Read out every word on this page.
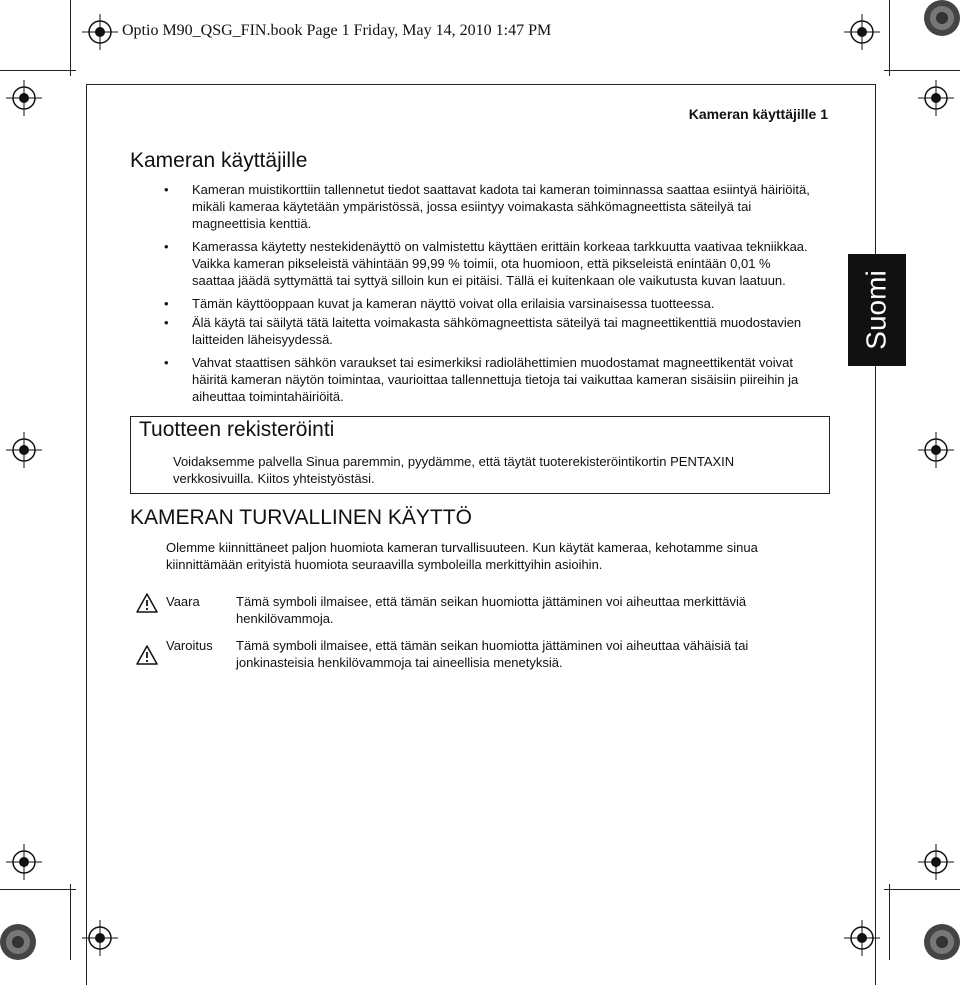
Optio M90_QSG_FIN.book Page 1 Friday, May 14, 2010 1:47 PM
Kameran käyttäjille 1
Suomi
Kameran käyttäjille
• Kameran muistikorttiin tallennetut tiedot saattavat kadota tai kameran toiminnassa saattaa esiintyä häiriöitä, mikäli kameraa käytetään ympäristössä, jossa esiintyy voimakasta sähkömagneettista säteilyä tai magneettisia kenttiä.
• Kamerassa käytetty nestekidenäyttö on valmistettu käyttäen erittäin korkeaa tarkkuutta vaativaa tekniikkaa. Vaikka kameran pikseleistä vähintään 99,99 % toimii, ota huomioon, että pikseleistä enintään 0,01 % saattaa jäädä syttymättä tai syttyä silloin kun ei pitäisi. Tällä ei kuitenkaan ole vaikutusta kuvan laatuun.
• Tämän käyttöoppaan kuvat ja kameran näyttö voivat olla erilaisia varsinaisessa tuotteessa.
• Älä käytä tai säilytä tätä laitetta voimakasta sähkömagneettista säteilyä tai magneettikenttiä muodostavien laitteiden läheisyydessä.
• Vahvat staattisen sähkön varaukset tai esimerkiksi radiolähettimien muodostamat magneettikentät voivat häiritä kameran näytön toimintaa, vaurioittaa tallennettuja tietoja tai vaikuttaa kameran sisäisiin piireihin ja aiheuttaa toimintahäiriöitä.
Tuotteen rekisteröinti
Voidaksemme palvella Sinua paremmin, pyydämme, että täytät tuoterekisteröintikortin PENTAXIN verkkosivuilla. Kiitos yhteistyöstäsi.
KAMERAN TURVALLINEN KÄYTTÖ
Olemme kiinnittäneet paljon huomiota kameran turvallisuuteen. Kun käytät kameraa, kehotamme sinua kiinnittämään erityistä huomiota seuraavilla symboleilla merkittyihin asioihin.
Vaara	Tämä symboli ilmaisee, että tämän seikan huomiotta jättäminen voi aiheuttaa merkittäviä henkilövammoja.
Varoitus Tämä symboli ilmaisee, että tämän seikan huomiotta jättäminen voi aiheuttaa vähäisiä tai jonkinasteisia henkilövammoja tai aineellisia menetyksiä.
